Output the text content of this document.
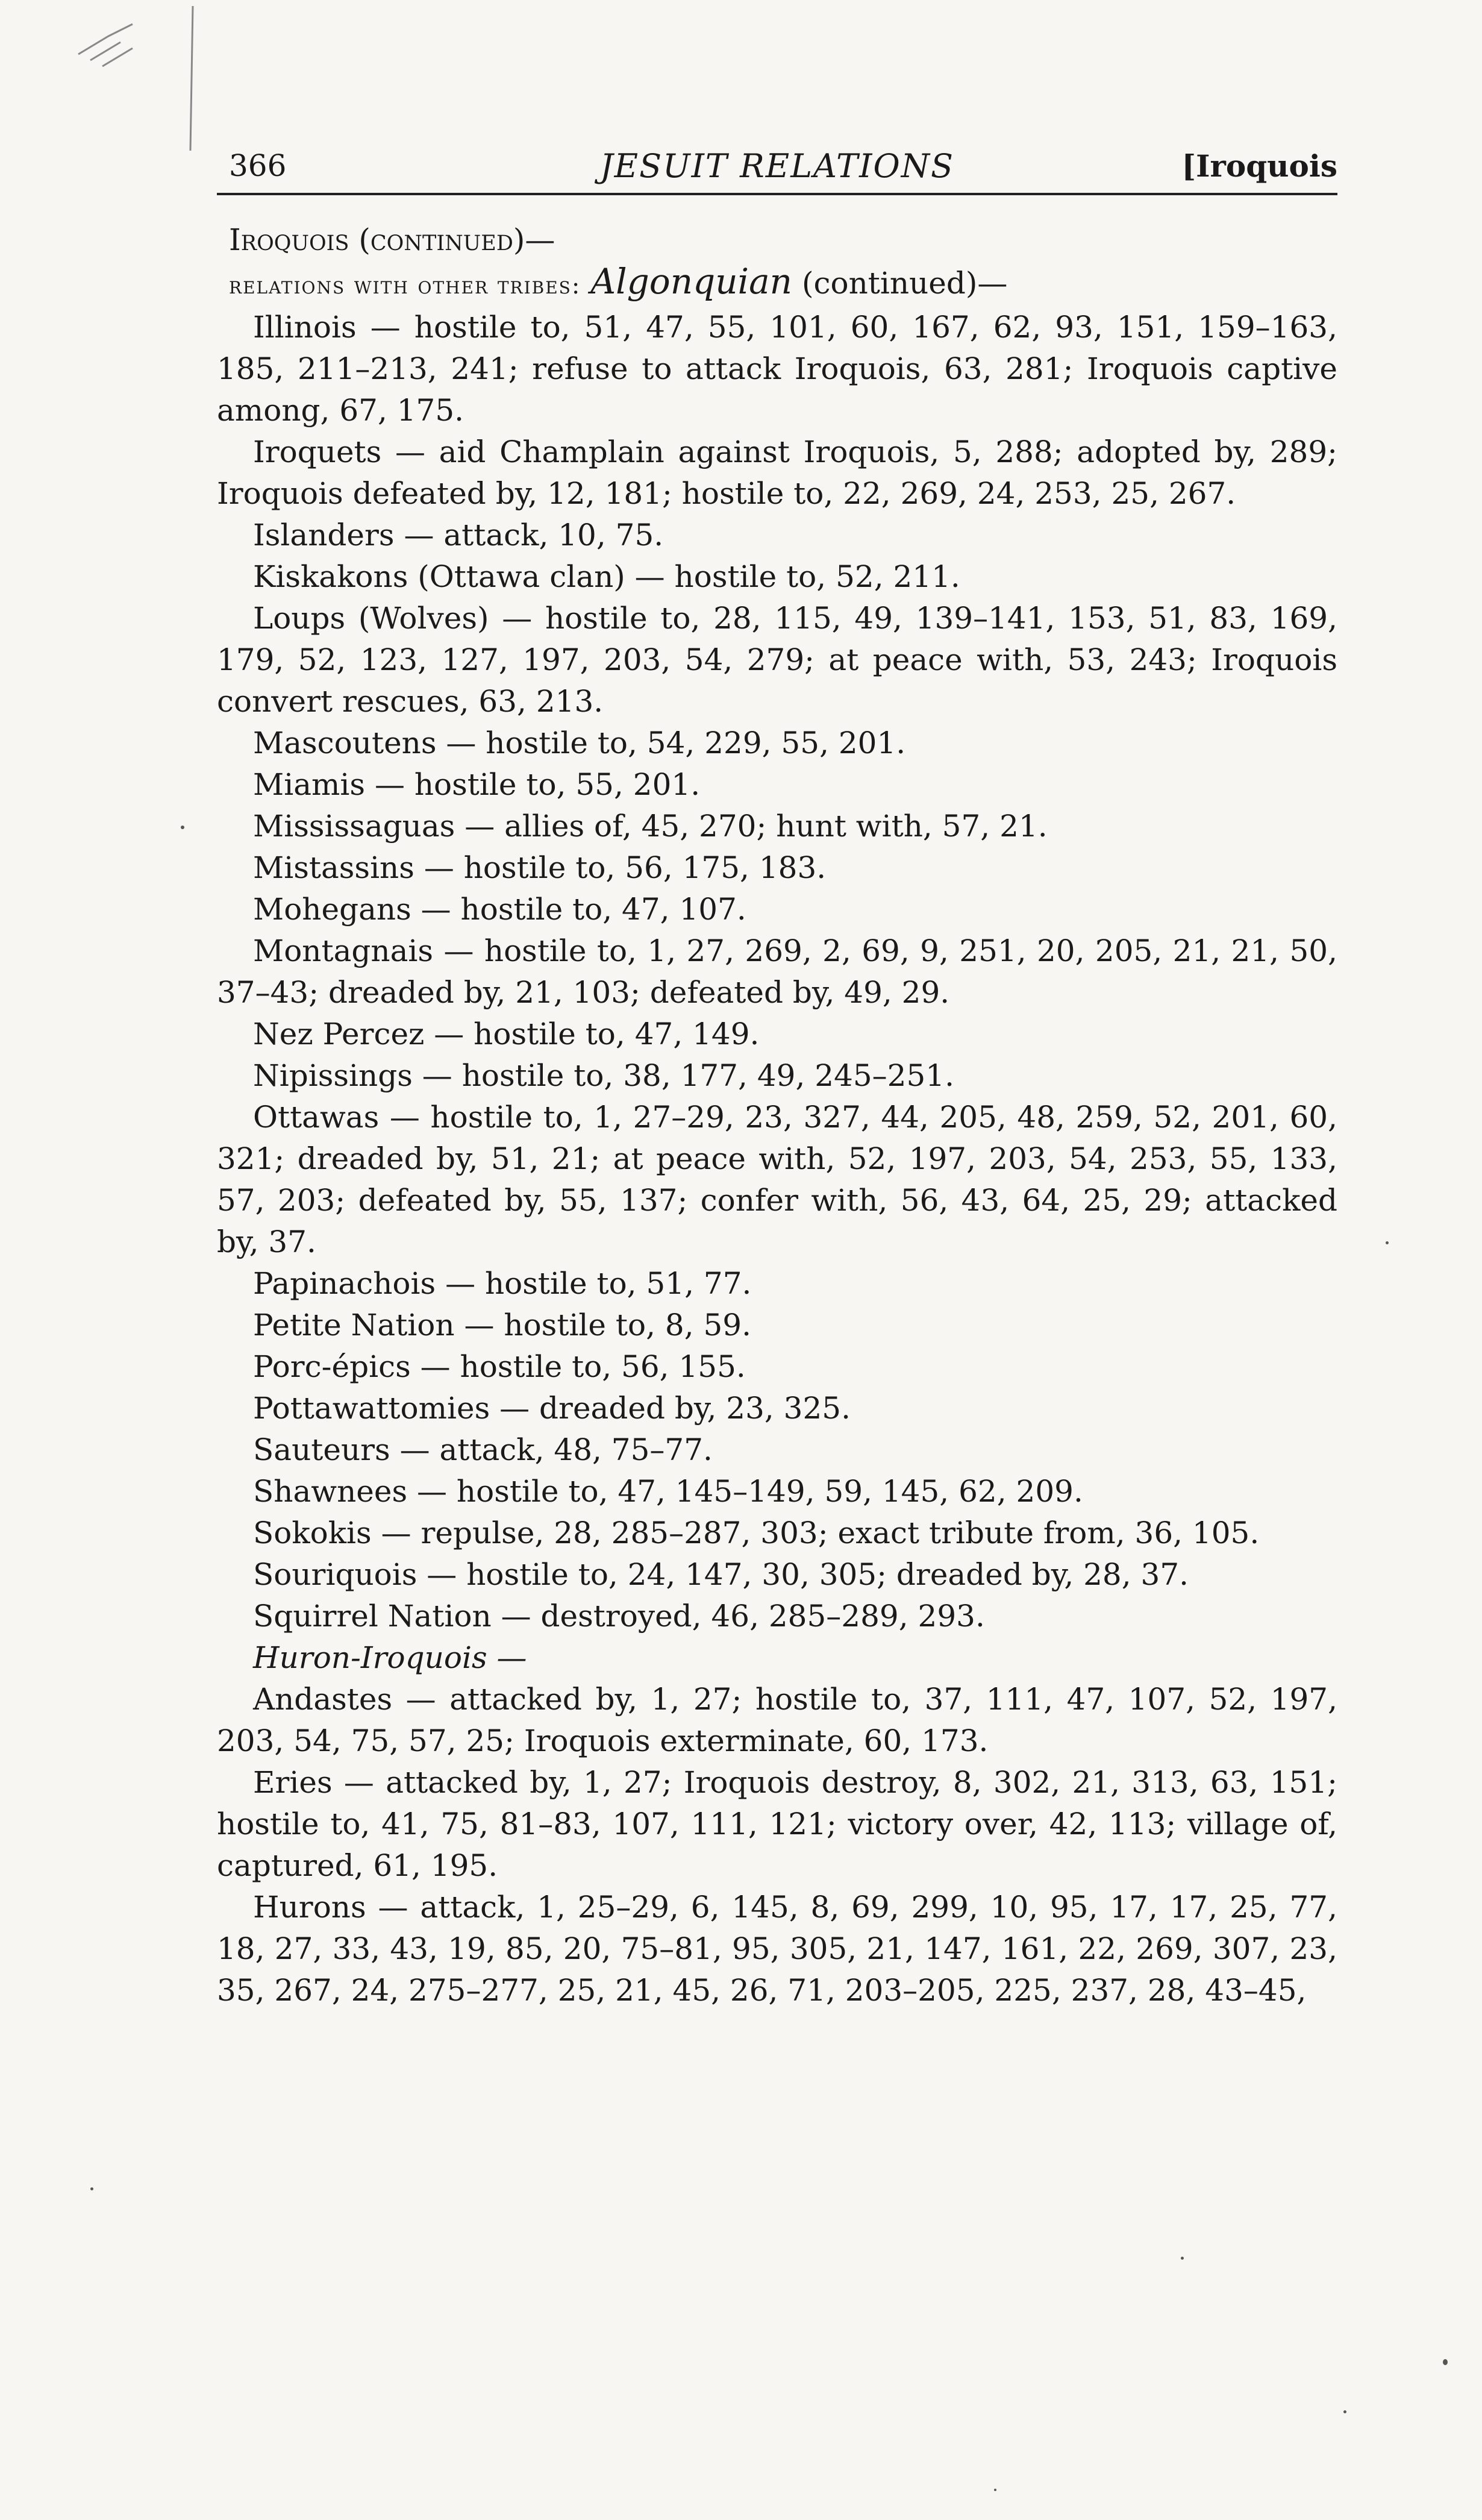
366	JESUIT RELATIONS	[Iroquois
Iroquois (continued)—
relations with other tribes: Algonquian (continued)—
Illinois — hostile to, 51, 47, 55, 101, 60, 167, 62, 93, 151, 159–163, 185, 211–213, 241; refuse to attack Iroquois, 63, 281; Iroquois captive among, 67, 175.
Iroquets — aid Champlain against Iroquois, 5, 288; adopted by, 289; Iroquois defeated by, 12, 181; hostile to, 22, 269, 24, 253, 25, 267.
Islanders — attack, 10, 75.
Kiskakons (Ottawa clan) — hostile to, 52, 211.
Loups (Wolves) — hostile to, 28, 115, 49, 139–141, 153, 51, 83, 169, 179, 52, 123, 127, 197, 203, 54, 279; at peace with, 53, 243; Iroquois convert rescues, 63, 213.
Mascoutens — hostile to, 54, 229, 55, 201.
Miamis — hostile to, 55, 201.
Mississaguas — allies of, 45, 270; hunt with, 57, 21.
Mistassins — hostile to, 56, 175, 183.
Mohegans — hostile to, 47, 107.
Montagnais — hostile to, 1, 27, 269, 2, 69, 9, 251, 20, 205, 21, 21, 50, 37–43; dreaded by, 21, 103; defeated by, 49, 29.
Nez Percez — hostile to, 47, 149.
Nipissings — hostile to, 38, 177, 49, 245–251.
Ottawas — hostile to, 1, 27–29, 23, 327, 44, 205, 48, 259, 52, 201, 60, 321; dreaded by, 51, 21; at peace with, 52, 197, 203, 54, 253, 55, 133, 57, 203; defeated by, 55, 137; confer with, 56, 43, 64, 25, 29; attacked by, 37.
Papinachois — hostile to, 51, 77.
Petite Nation — hostile to, 8, 59.
Porc-épics — hostile to, 56, 155.
Pottawattomies — dreaded by, 23, 325.
Sauteurs — attack, 48, 75–77.
Shawnees — hostile to, 47, 145–149, 59, 145, 62, 209.
Sokokis — repulse, 28, 285–287, 303; exact tribute from, 36, 105.
Souriquois — hostile to, 24, 147, 30, 305; dreaded by, 28, 37.
Squirrel Nation — destroyed, 46, 285–289, 293.
Huron-Iroquois —
Andastes — attacked by, 1, 27; hostile to, 37, 111, 47, 107, 52, 197, 203, 54, 75, 57, 25; Iroquois exterminate, 60, 173.
Eries — attacked by, 1, 27; Iroquois destroy, 8, 302, 21, 313, 63, 151; hostile to, 41, 75, 81–83, 107, 111, 121; victory over, 42, 113; village of, captured, 61, 195.
Hurons — attack, 1, 25–29, 6, 145, 8, 69, 299, 10, 95, 17, 17, 25, 77, 18, 27, 33, 43, 19, 85, 20, 75–81, 95, 305, 21, 147, 161, 22, 269, 307, 23, 35, 267, 24, 275–277, 25, 21, 45, 26, 71, 203–205, 225, 237, 28, 43–45,
